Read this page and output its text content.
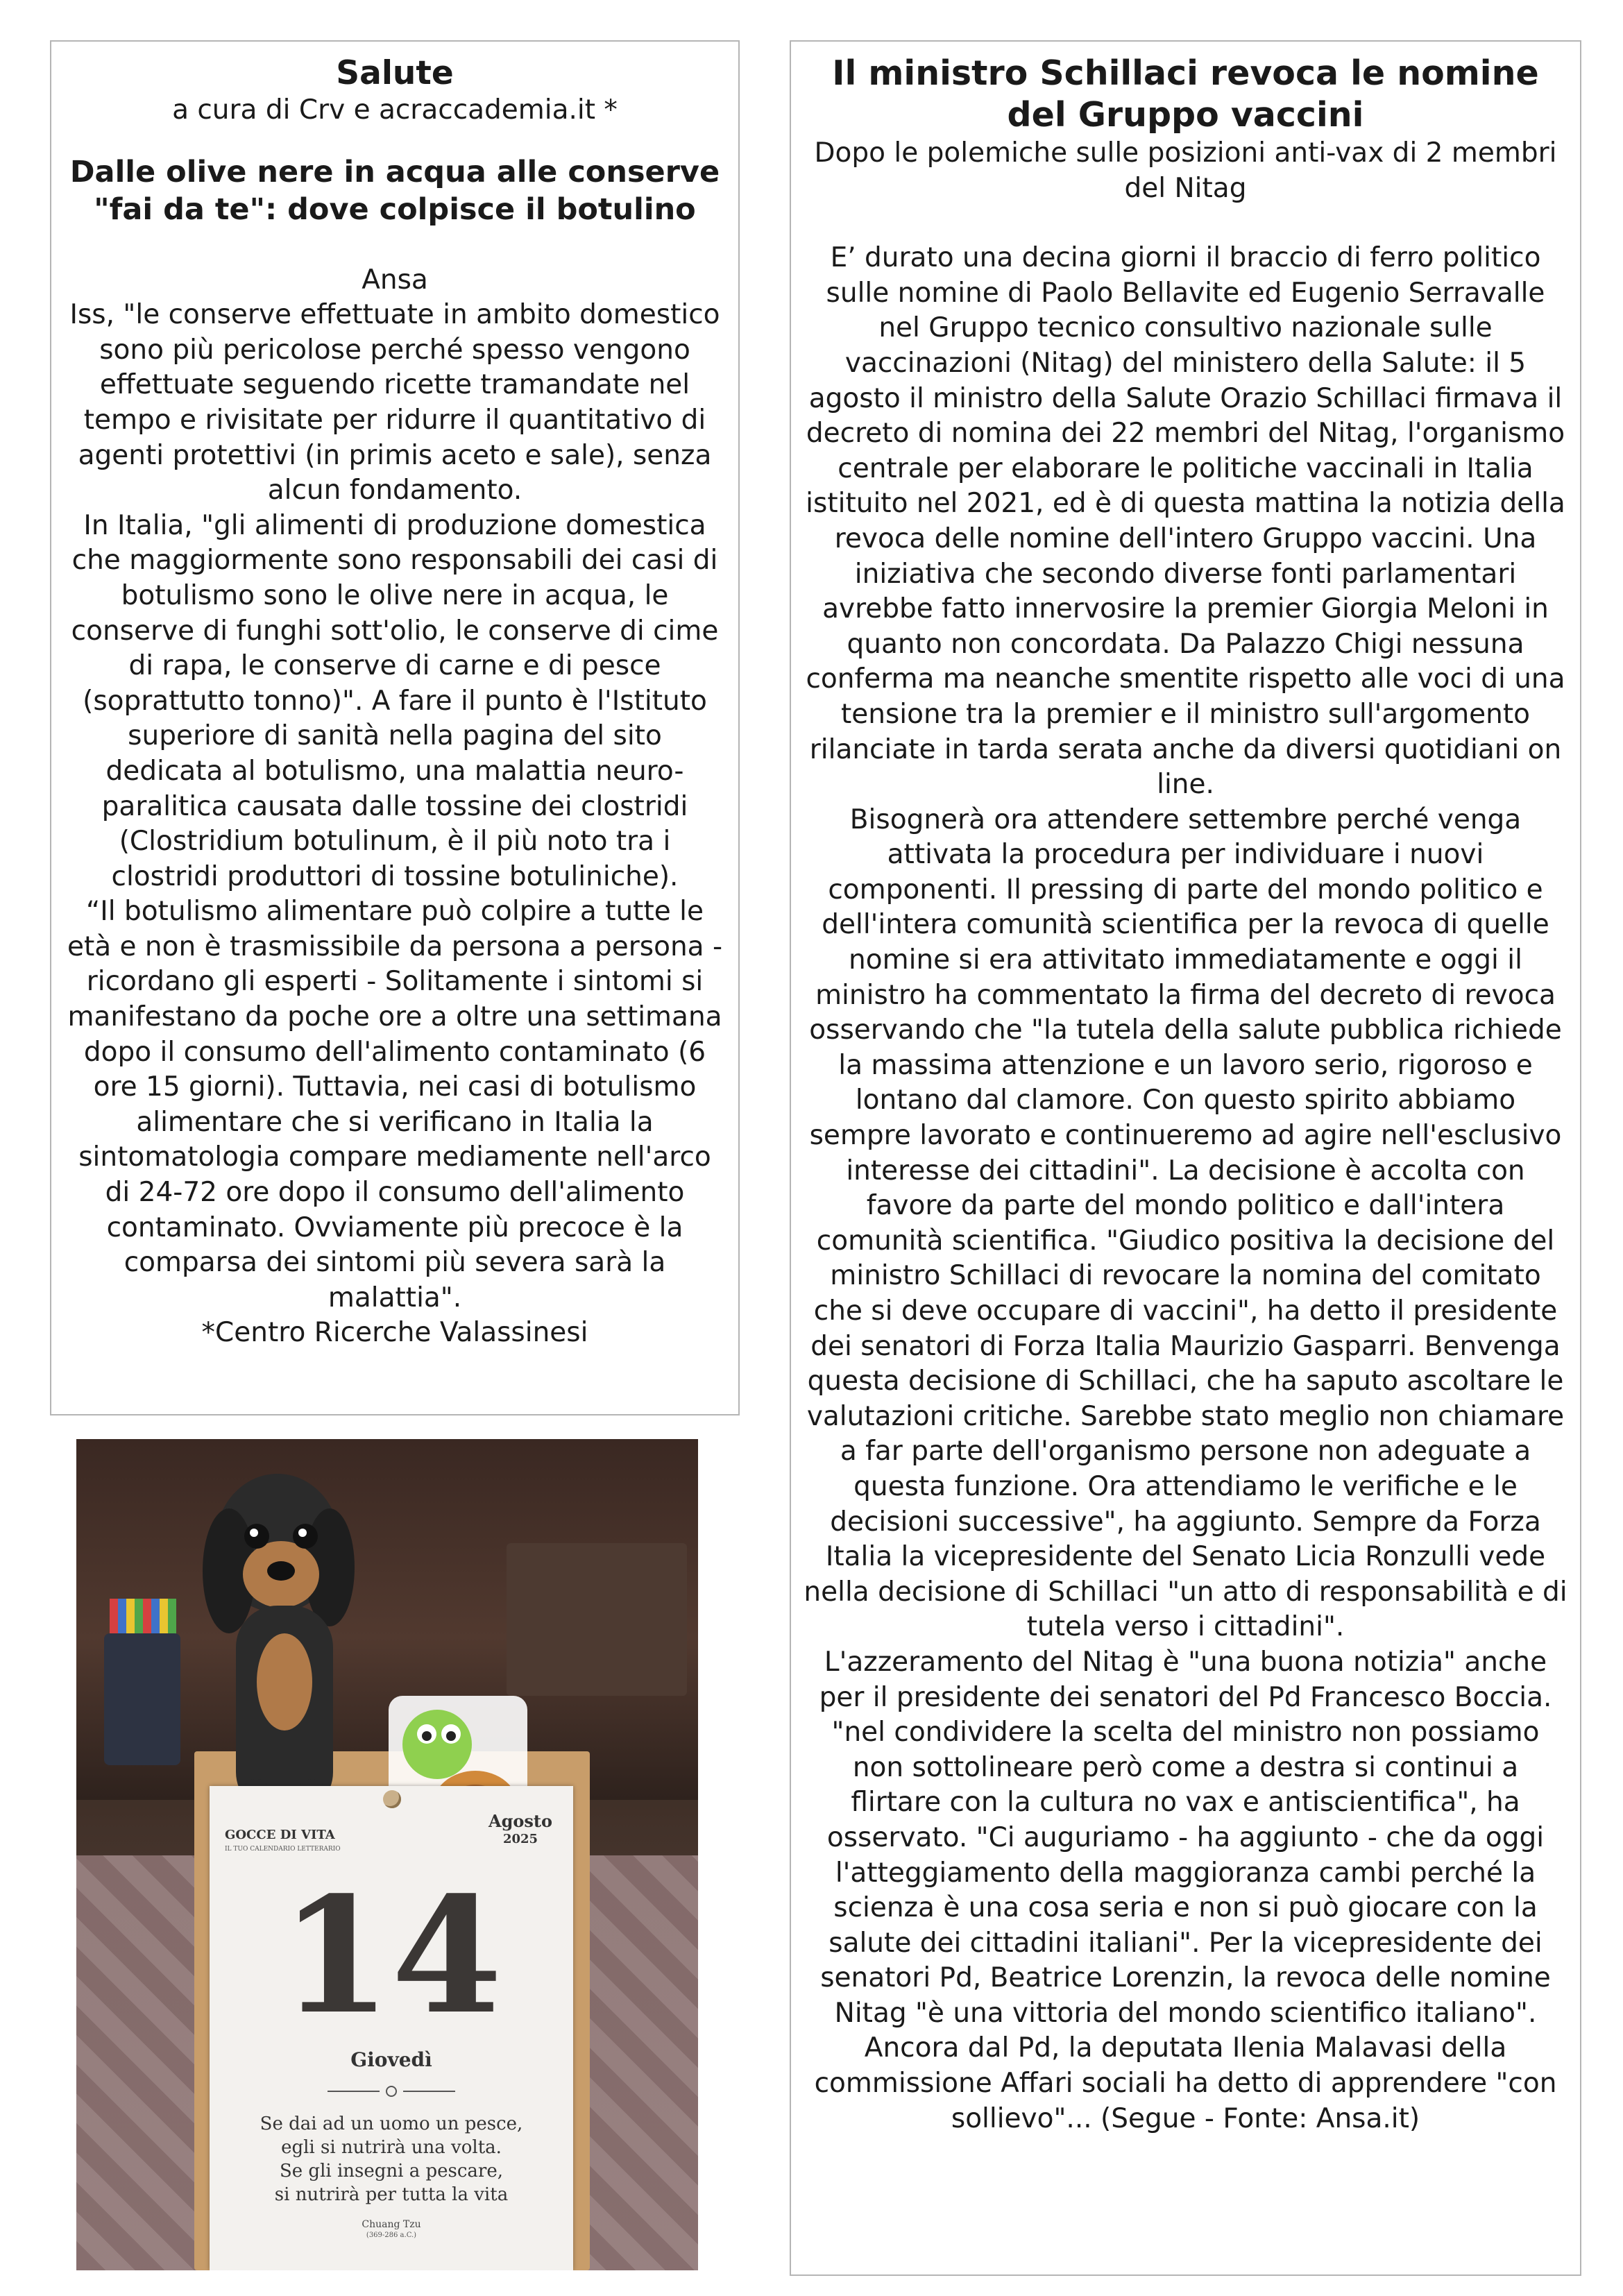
Salute

a cura di Crv e acraccademia.it *

Dalle olive nere in acqua alle conserve "fai da te": dove colpisce il botulino

Ansa

Iss, "le conserve effettuate in ambito domestico sono più pericolose perché spesso vengono effettuate seguendo ricette tramandate nel tempo e rivisitate per ridurre il quantitativo di agenti protettivi (in primis aceto e sale), senza alcun fondamento.

In Italia, "gli alimenti di produzione domestica che maggiormente sono responsabili dei casi di botulismo sono le olive nere in acqua, le conserve di funghi sott'olio, le conserve di cime di rapa, le conserve di carne e di pesce (soprattutto tonno)". A fare il punto è l'Istituto superiore di sanità nella pagina del sito dedicata al botulismo, una malattia neuro-paralitica causata dalle tossine dei clostridi (Clostridium botulinum, è il più noto tra i clostridi produttori di tossine botuliniche).

“Il botulismo alimentare può colpire a tutte le età e non è trasmissibile da persona a persona - ricordano gli esperti - Solitamente i sintomi si manifestano da poche ore a oltre una settimana dopo il consumo dell'alimento contaminato (6 ore 15 giorni). Tuttavia, nei casi di botulismo alimentare che si verificano in Italia la sintomatologia compare mediamente nell'arco di 24-72 ore dopo il consumo dell'alimento contaminato. Ovviamente più precoce è la comparsa dei sintomi più severa sarà la malattia".

*Centro Ricerche Valassinesi

Il ministro Schillaci revoca le nomine del Gruppo vaccini

Dopo le polemiche sulle posizioni anti-vax di 2 membri del Nitag

E’ durato una decina giorni il braccio di ferro politico sulle nomine di Paolo Bellavite ed Eugenio Serravalle nel Gruppo tecnico consultivo nazionale sulle vaccinazioni (Nitag) del ministero della Salute: il 5 agosto il ministro della Salute Orazio Schillaci firmava il decreto di nomina dei 22 membri del Nitag, l'organismo centrale per elaborare le politiche vaccinali in Italia istituito nel 2021, ed è di questa mattina la notizia della revoca delle nomine dell'intero Gruppo vaccini. Una iniziativa che secondo diverse fonti parlamentari avrebbe fatto innervosire la premier Giorgia Meloni in quanto non concordata. Da Palazzo Chigi nessuna conferma ma neanche smentite rispetto alle voci di una tensione tra la premier e il ministro sull'argomento rilanciate in tarda serata anche da diversi quotidiani on line.

Bisognerà ora attendere settembre perché venga attivata la procedura per individuare i nuovi componenti. Il pressing di parte del mondo politico e dell'intera comunità scientifica per la revoca di quelle nomine si era attivitato immediatamente e oggi il ministro ha commentato la firma del decreto di revoca osservando che "la tutela della salute pubblica richiede la massima attenzione e un lavoro serio, rigoroso e lontano dal clamore. Con questo spirito abbiamo sempre lavorato e continueremo ad agire nell'esclusivo interesse dei cittadini". La decisione è accolta con favore da parte del mondo politico e dall'intera comunità scientifica. "Giudico positiva la decisione del ministro Schillaci di revocare la nomina del comitato che si deve occupare di vaccini", ha detto il presidente dei senatori di Forza Italia Maurizio Gasparri. Benvenga questa decisione di Schillaci, che ha saputo ascoltare le valutazioni critiche. Sarebbe stato meglio non chiamare a far parte dell'organismo persone non adeguate a questa funzione. Ora attendiamo le verifiche e le decisioni successive", ha aggiunto. Sempre da Forza Italia la vicepresidente del Senato Licia Ronzulli vede nella decisione di Schillaci "un atto di responsabilità e di tutela verso i cittadini".

L'azzeramento del Nitag è "una buona notizia" anche per il presidente dei senatori del Pd Francesco Boccia. "nel condividere la scelta del ministro non possiamo non sottolineare però come a destra si continui a flirtare con la cultura no vax e antiscientifica", ha osservato. "Ci auguriamo - ha aggiunto - che da oggi l'atteggiamento della maggioranza cambi perché la scienza è una cosa seria e non si può giocare con la salute dei cittadini italiani". Per la vicepresidente dei senatori Pd, Beatrice Lorenzin, la revoca delle nomine Nitag "è una vittoria del mondo scientifico italiano". Ancora dal Pd, la deputata Ilenia Malavasi della commissione Affari sociali ha detto di apprendere "con sollievo"... (Segue - Fonte: Ansa.it)

GOCCE DI VITA
IL TUO CALENDARIO LETTERARIO
Agosto
2025
14
Giovedì
Se dai ad un uomo un pesce,
egli si nutrirà una volta.
Se gli insegni a pescare,
si nutrirà per tutta la vita
Chuang Tzu
(369-286 a.C.)
